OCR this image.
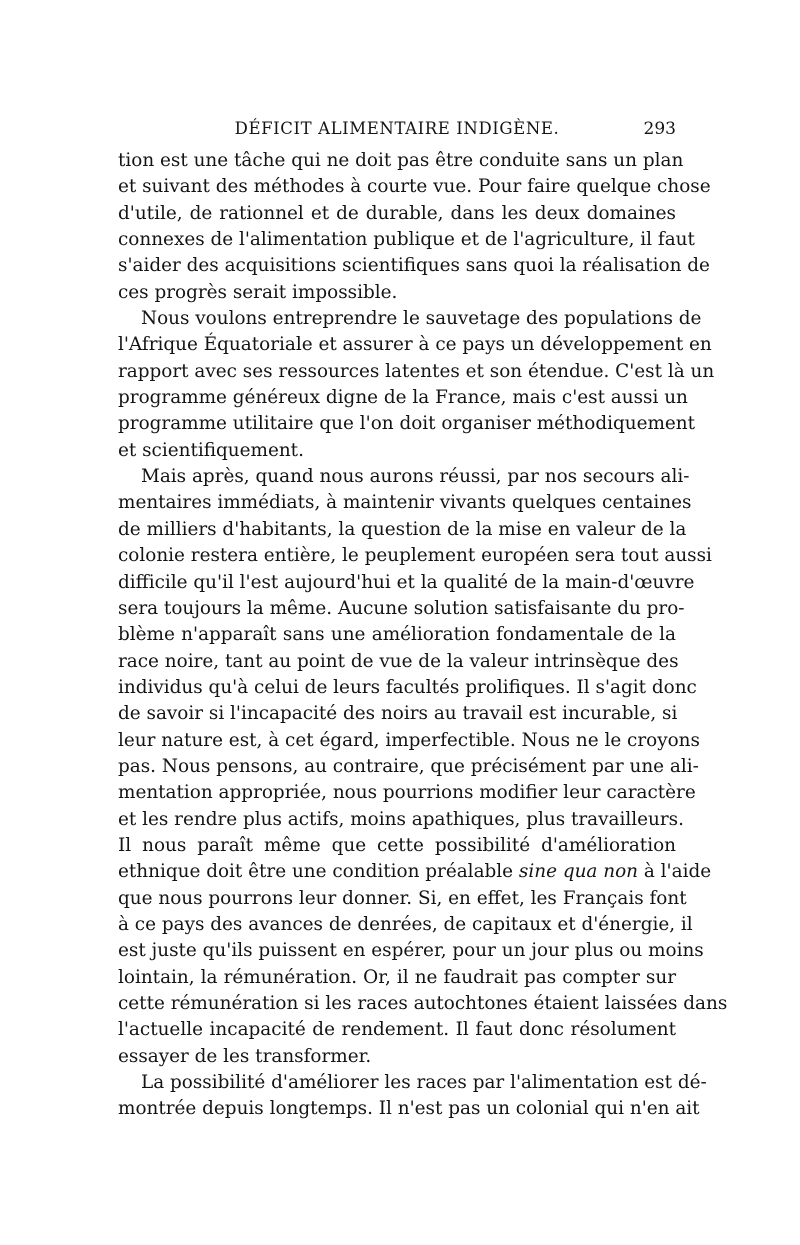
DÉFICIT ALIMENTAIRE INDIGÈNE.	293
tion est une tâche qui ne doit pas être conduite sans un plan
et suivant des méthodes à courte vue. Pour faire quelque chose
d'utile, de rationnel et de durable, dans les deux domaines
connexes de l'alimentation publique et de l'agriculture, il faut
s'aider des acquisitions scientifiques sans quoi la réalisation de
ces progrès serait impossible.
Nous voulons entreprendre le sauvetage des populations de
l'Afrique Équatoriale et assurer à ce pays un développement en
rapport avec ses ressources latentes et son étendue. C'est là un
programme généreux digne de la France, mais c'est aussi un
programme utilitaire que l'on doit organiser méthodiquement
et scientifiquement.
Mais après, quand nous aurons réussi, par nos secours ali-
mentaires immédiats, à maintenir vivants quelques centaines
de milliers d'habitants, la question de la mise en valeur de la
colonie restera entière, le peuplement européen sera tout aussi
difficile qu'il l'est aujourd'hui et la qualité de la main-d'œuvre
sera toujours la même. Aucune solution satisfaisante du pro-
blème n'apparaît sans une amélioration fondamentale de la
race noire, tant au point de vue de la valeur intrinsèque des
individus qu'à celui de leurs facultés prolifiques. Il s'agit donc
de savoir si l'incapacité des noirs au travail est incurable, si
leur nature est, à cet égard, imperfectible. Nous ne le croyons
pas. Nous pensons, au contraire, que précisément par une ali-
mentation appropriée, nous pourrions modifier leur caractère
et les rendre plus actifs, moins apathiques, plus travailleurs.
Il nous paraît même que cette possibilité d'amélioration
ethnique doit être une condition préalable sine qua non à l'aide
que nous pourrons leur donner. Si, en effet, les Français font
à ce pays des avances de denrées, de capitaux et d'énergie, il
est juste qu'ils puissent en espérer, pour un jour plus ou moins
lointain, la rémunération. Or, il ne faudrait pas compter sur
cette rémunération si les races autochtones étaient laissées dans
l'actuelle incapacité de rendement. Il faut donc résolument
essayer de les transformer.
La possibilité d'améliorer les races par l'alimentation est dé-
montrée depuis longtemps. Il n'est pas un colonial qui n'en ait
